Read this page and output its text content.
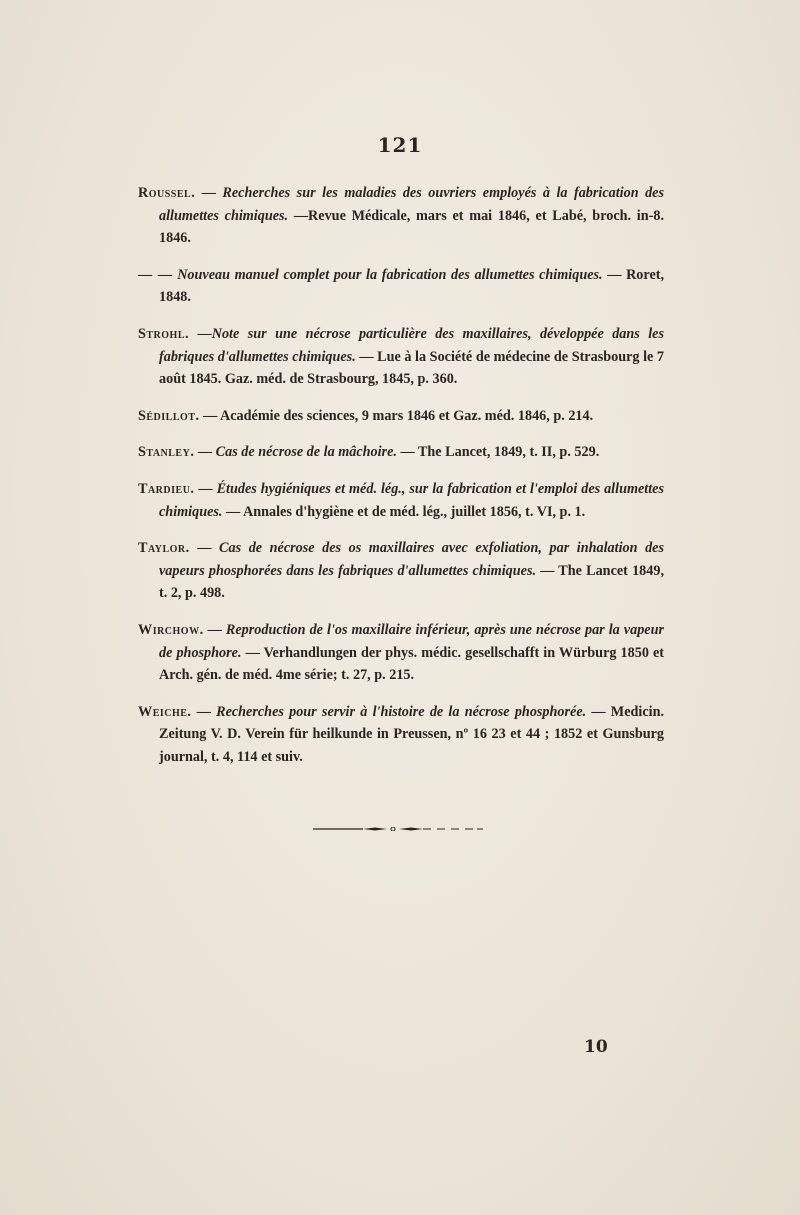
121

Roussel. — Recherches sur les maladies des ouvriers employés à la fabrication des allumettes chimiques. —Revue Médicale, mars et mai 1846, et Labé, broch. in-8. 1846.

— — Nouveau manuel complet pour la fabrication des allumettes chimiques. — Roret, 1848.

Strohl. —Note sur une nécrose particulière des maxillaires, développée dans les fabriques d'allumettes chimiques. — Lue à la Société de médecine de Strasbourg le 7 août 1845. Gaz. méd. de Strasbourg, 1845, p. 360.

Sédillot. — Académie des sciences, 9 mars 1846 et Gaz. méd. 1846, p. 214.

Stanley. — Cas de nécrose de la mâchoire. — The Lancet, 1849, t. II, p. 529.

Tardieu. — Études hygiéniques et méd. lég., sur la fabrication et l'emploi des allumettes chimiques. — Annales d'hygiène et de méd. lég., juillet 1856, t. VI, p. 1.

Taylor. — Cas de nécrose des os maxillaires avec exfoliation, par inhalation des vapeurs phosphorées dans les fabriques d'allumettes chimiques. — The Lancet 1849, t. 2, p. 498.

Wirchow. — Reproduction de l'os maxillaire inférieur, après une nécrose par la vapeur de phosphore. — Verhandlungen der phys. médic. gesellschafft in Würburg 1850 et Arch. gén. de méd. 4me série; t. 27, p. 215.

Weiche. — Recherches pour servir à l'histoire de la nécrose phosphorée. — Medicin. Zeitung V. D. Verein für heilkunde in Preussen, nº 16 23 et 44 ; 1852 et Gunsburg journal, t. 4, 114 et suiv.

10
